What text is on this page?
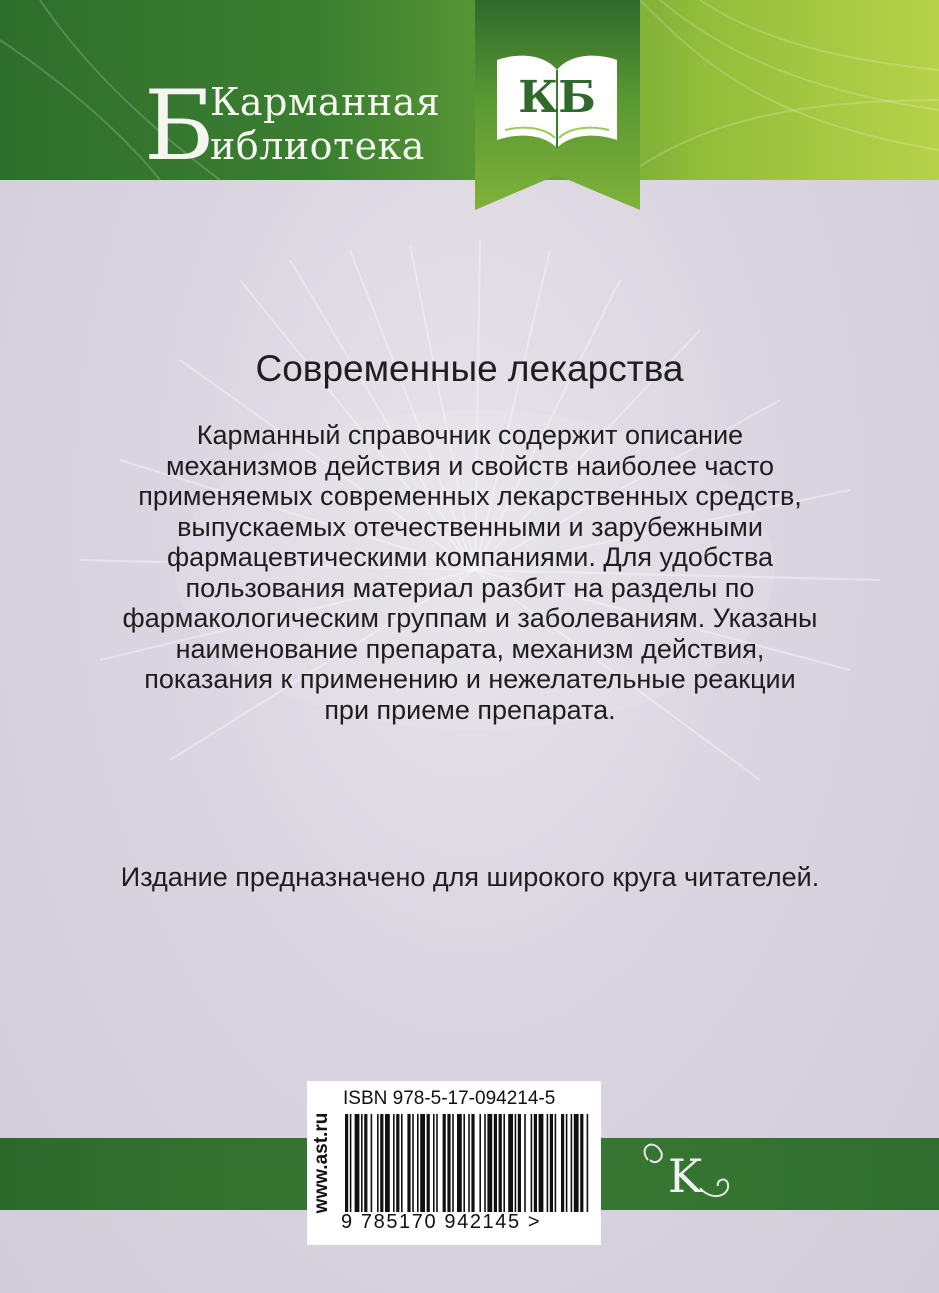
Б
Карманная
иблиотека
КБ
Современные лекарства

Карманный справочник содержит описание механизмов действия и свойств наиболее часто применяемых современных лекарственных средств, выпускаемых отечественными и зарубежными фармацевтическими компаниями. Для удобства пользования материал разбит на разделы по фармакологическим группам и заболеваниям. Указаны наименование препарата, механизм действия, показания к применению и нежелательные реакции при приеме препарата.

Издание предназначено для широкого круга читателей.

www.ast.ru
ISBN 978-5-17-094214-5
9 785170 942145 >
K
